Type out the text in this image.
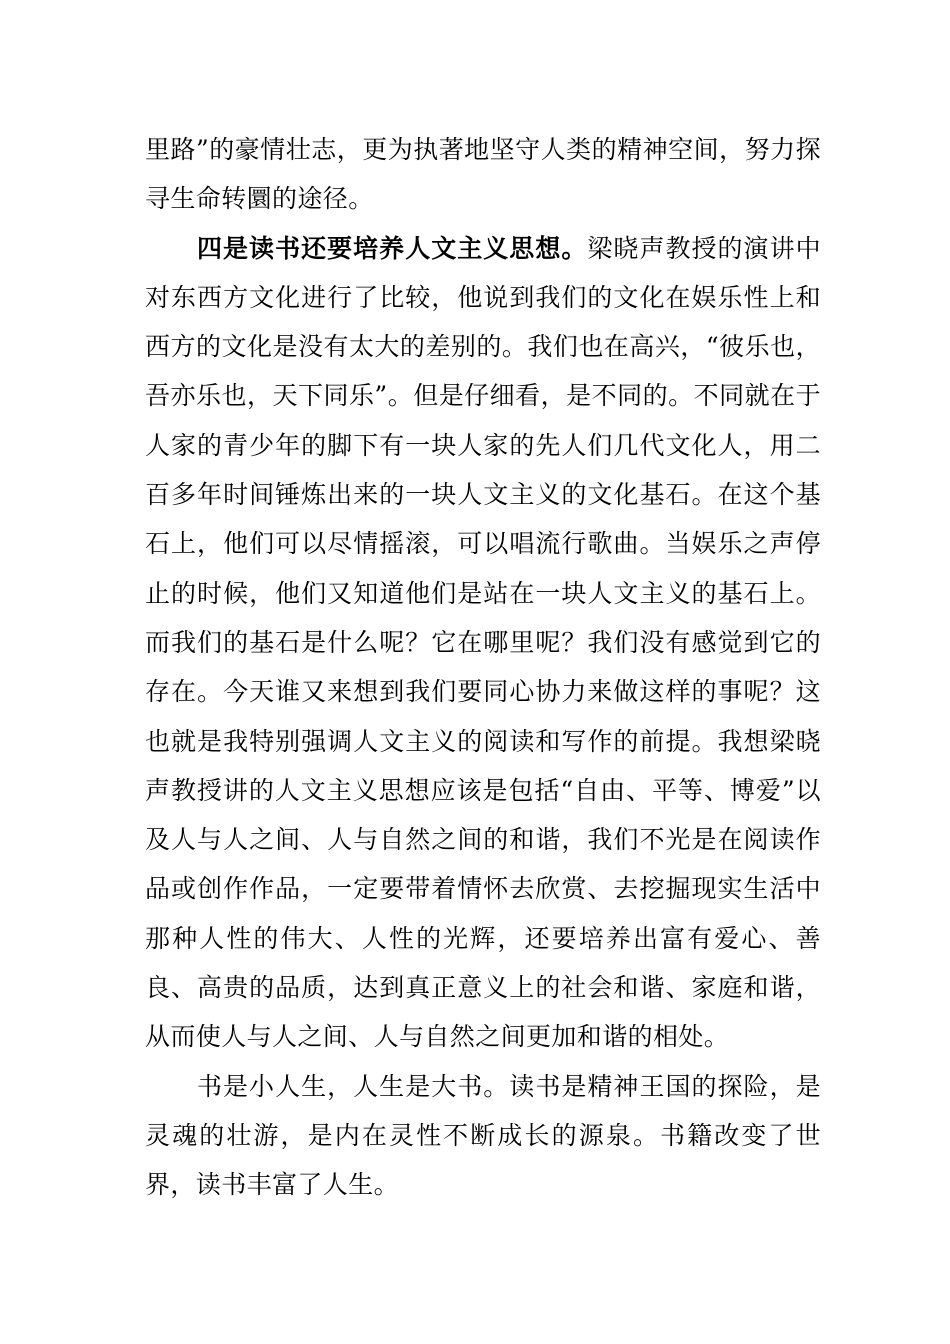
里路”的豪情壮志，更为执著地坚守人类的精神空间，努力探寻生命转圜的途径。

四是读书还要培养人文主义思想。梁晓声教授的演讲中对东西方文化进行了比较，他说到我们的文化在娱乐性上和西方的文化是没有太大的差别的。我们也在高兴，“彼乐也，吾亦乐也，天下同乐”。但是仔细看，是不同的。不同就在于人家的青少年的脚下有一块人家的先人们几代文化人，用二百多年时间锤炼出来的一块人文主义的文化基石。在这个基石上，他们可以尽情摇滚，可以唱流行歌曲。当娱乐之声停止的时候，他们又知道他们是站在一块人文主义的基石上。而我们的基石是什么呢？它在哪里呢？我们没有感觉到它的存在。今天谁又来想到我们要同心协力来做这样的事呢？这也就是我特别强调人文主义的阅读和写作的前提。我想梁晓声教授讲的人文主义思想应该是包括“自由、平等、博爱”以及人与人之间、人与自然之间的和谐，我们不光是在阅读作品或创作作品，一定要带着情怀去欣赏、去挖掘现实生活中那种人性的伟大、人性的光辉，还要培养出富有爱心、善良、高贵的品质，达到真正意义上的社会和谐、家庭和谐，从而使人与人之间、人与自然之间更加和谐的相处。

书是小人生，人生是大书。读书是精神王国的探险，是灵魂的壮游，是内在灵性不断成长的源泉。书籍改变了世界，读书丰富了人生。
